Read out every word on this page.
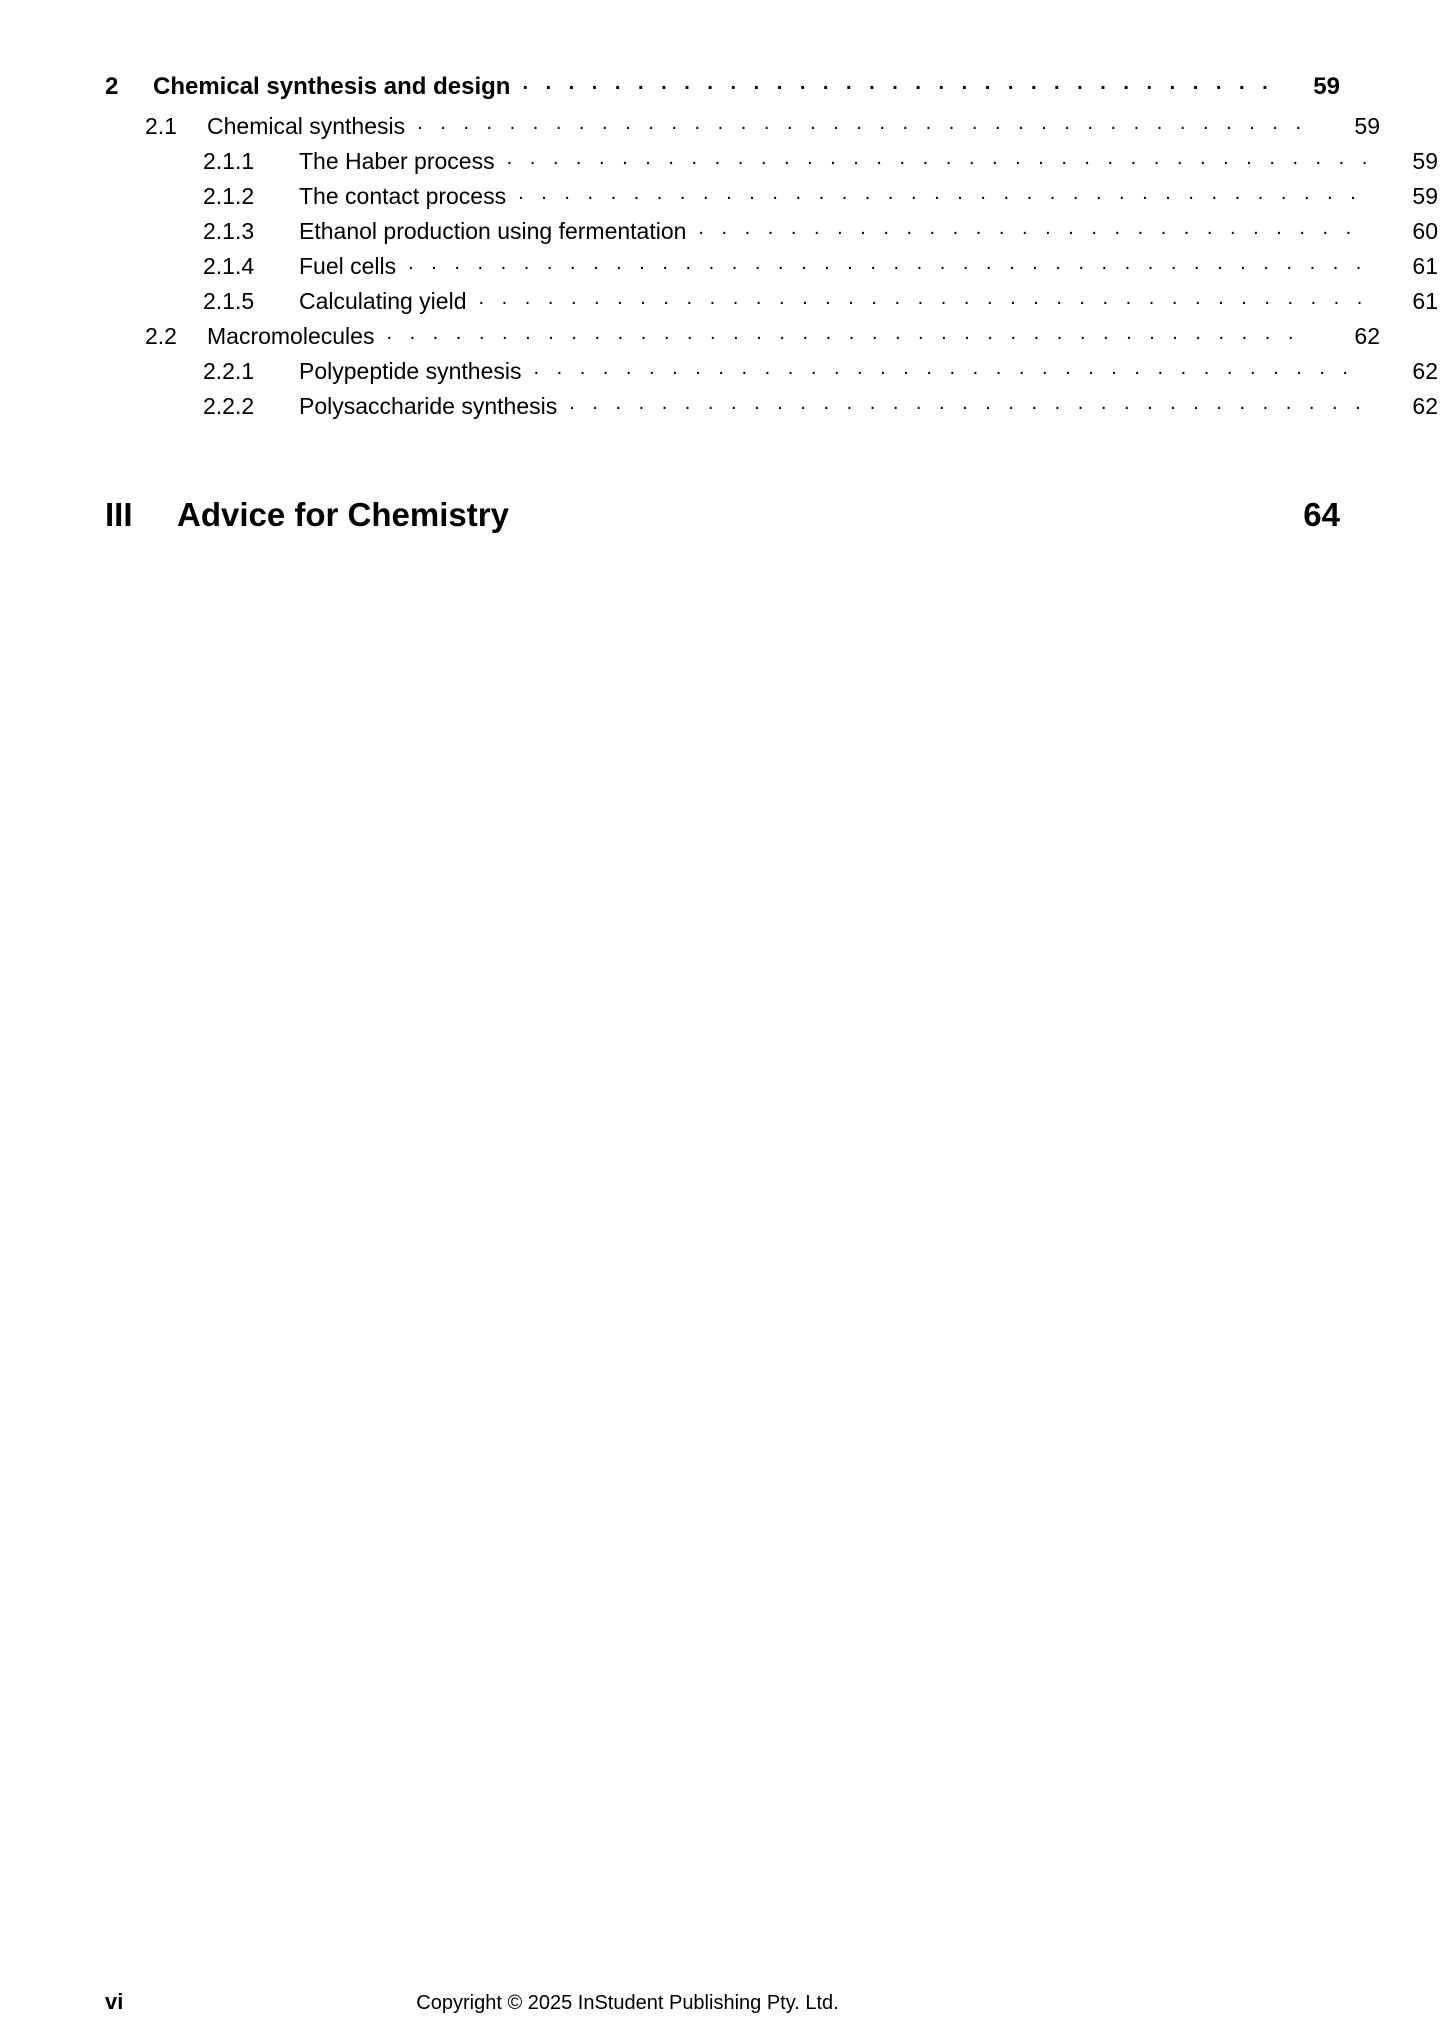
2	Chemical synthesis and design . . .	59
2.1	Chemical synthesis . . .	59
2.1.1	The Haber process . . .	59
2.1.2	The contact process . . .	59
2.1.3	Ethanol production using fermentation . . .	60
2.1.4	Fuel cells . . .	61
2.1.5	Calculating yield . . .	61
2.2	Macromolecules . . .	62
2.2.1	Polypeptide synthesis . . .	62
2.2.2	Polysaccharide synthesis . . .	62
III	Advice for Chemistry	64
vi	Copyright © 2025 InStudent Publishing Pty. Ltd.
